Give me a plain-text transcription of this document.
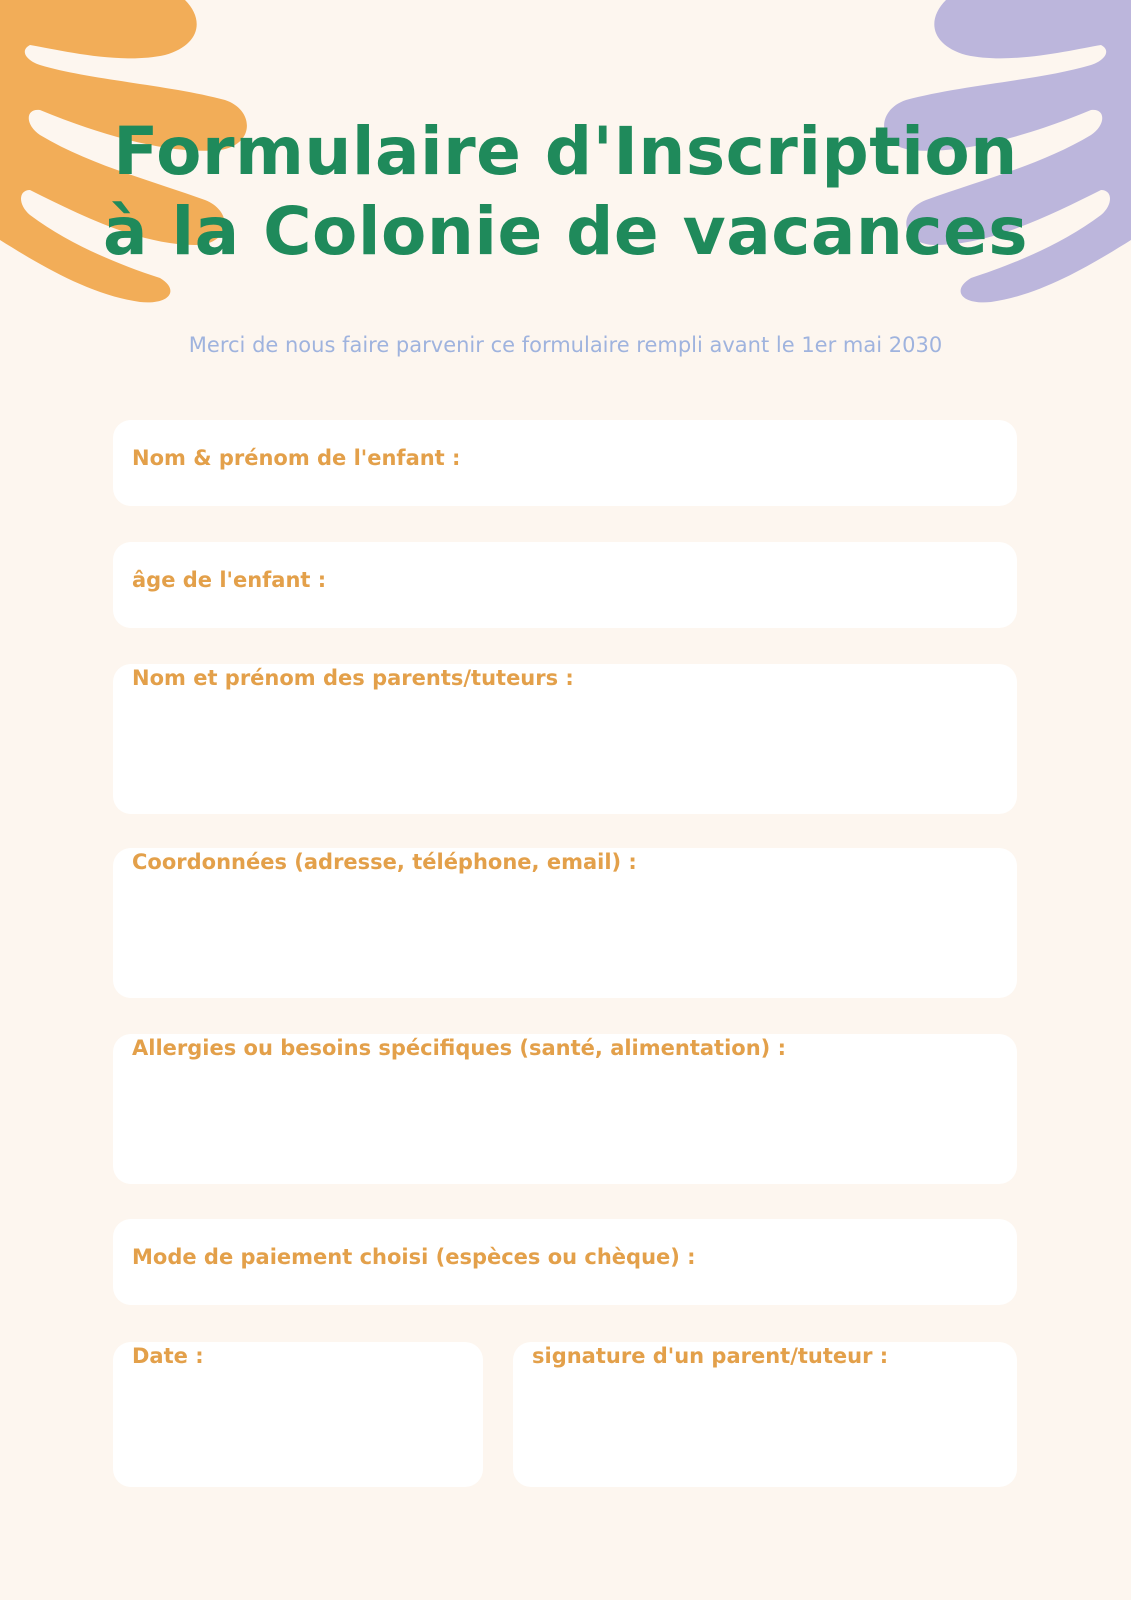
Formulaire d'Inscription
à la Colonie de vacances
Merci de nous faire parvenir ce formulaire rempli avant le 1er mai 2030
Nom & prénom de l'enfant :
âge de l'enfant :
Nom et prénom des parents/tuteurs :
Coordonnées (adresse, téléphone, email) :
Allergies ou besoins spécifiques (santé, alimentation) :
Mode de paiement choisi (espèces ou chèque) :
Date :	signature d'un parent/tuteur :
